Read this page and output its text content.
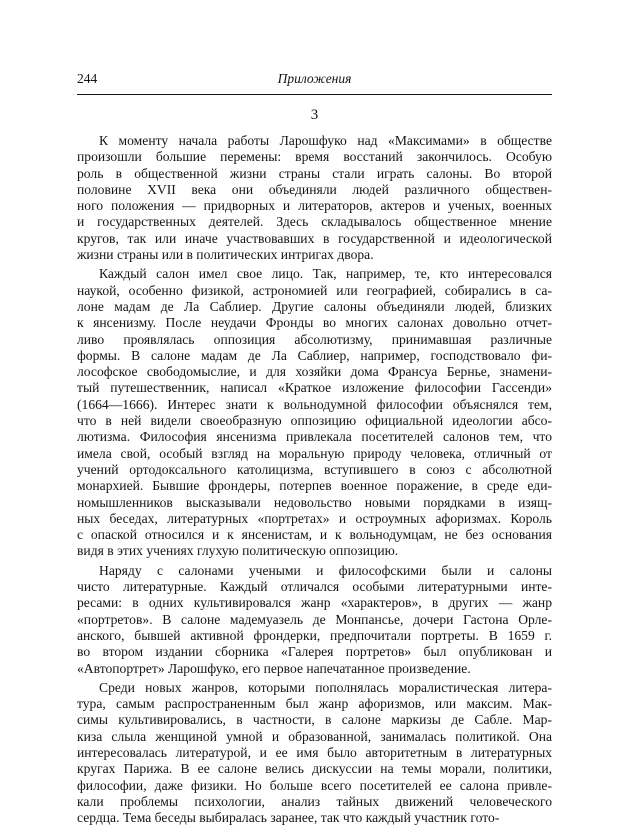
244	Приложения
3
К моменту начала работы Ларошфуко над «Максимами» в обществе
произошли большие перемены: время восстаний закончилось. Особую
роль в общественной жизни страны стали играть салоны. Во второй
половине XVII века они объединяли людей различного обществен-
ного положения — придворных и литераторов, актеров и ученых, военных
и государственных деятелей. Здесь складывалось общественное мнение
кругов, так или иначе участвовавших в государственной и идеологической
жизни страны или в политических интригах двора.
Каждый салон имел свое лицо. Так, например, те, кто интересовался
наукой, особенно физикой, астрономией или географией, собирались в са-
лоне мадам де Ла Саблиер. Другие салоны объединяли людей, близких
к янсенизму. После неудачи Фронды во многих салонах довольно отчет-
ливо проявлялась оппозиция абсолютизму, принимавшая различные
формы. В салоне мадам де Ла Саблиер, например, господствовало фи-
лософское свободомыслие, и для хозяйки дома Франсуа Бернье, знамени-
тый путешественник, написал «Краткое изложение философии Гассенди»
(1664—1666). Интерес знати к вольнодумной философии объяснялся тем,
что в ней видели своеобразную оппозицию официальной идеологии абсо-
лютизма. Философия янсенизма привлекала посетителей салонов тем, что
имела свой, особый взгляд на моральную природу человека, отличный от
учений ортодоксального католицизма, вступившего в союз с абсолютной
монархией. Бывшие фрондеры, потерпев военное поражение, в среде еди-
номышленников высказывали недовольство новыми порядками в изящ-
ных беседах, литературных «портретах» и остроумных афоризмах. Король
с опаской относился и к янсенистам, и к вольнодумцам, не без основания
видя в этих учениях глухую политическую оппозицию.
Наряду с салонами учеными и философскими были и салоны
чисто литературные. Каждый отличался особыми литературными инте-
ресами: в одних культивировался жанр «характеров», в других — жанр
«портретов». В салоне мадемуазель де Монпансье, дочери Гастона Орле-
анского, бывшей активной фрондерки, предпочитали портреты. В 1659 г.
во втором издании сборника «Галерея портретов» был опубликован и
«Автопортрет» Ларошфуко, его первое напечатанное произведение.
Среди новых жанров, которыми пополнялась моралистическая литера-
тура, самым распространенным был жанр афоризмов, или максим. Мак-
симы культивировались, в частности, в салоне маркизы де Сабле. Мар-
киза слыла женщиной умной и образованной, занималась политикой. Она
интересовалась литературой, и ее имя было авторитетным в литературных
кругах Парижа. В ее салоне велись дискуссии на темы морали, политики,
философии, даже физики. Но больше всего посетителей ее салона привле-
кали проблемы психологии, анализ тайных движений человеческого
сердца. Тема беседы выбиралась заранее, так что каждый участник гото-
